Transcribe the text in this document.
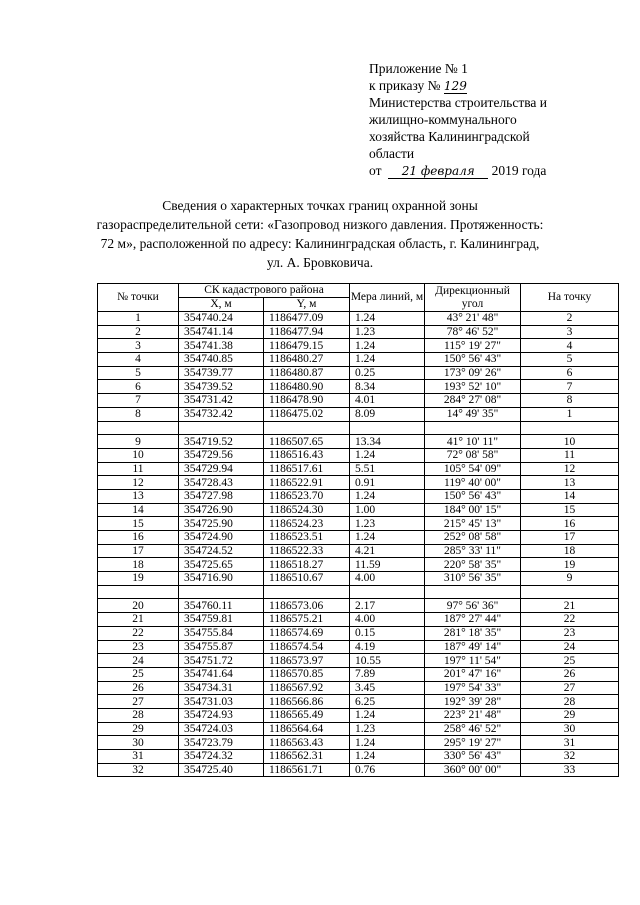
Приложение № 1
к приказу № 129
Министерства строительства и
жилищно-коммунального
хозяйства Калининградской
области
от 21 февраля 2019 года
Сведения о характерных точках границ охранной зоны
газораспределительной сети: «Газопровод низкого давления. Протяженность:
72 м», расположенной по адресу: Калининградская область, г. Калининград,
ул. А. Бровковича.
№ точки	СК кадастрового района		Мера линий, м	Дирекционный угол	На точку
	X, м	Y, м			
1	354740.24	1186477.09	1.24	43° 21' 48"	2
2	354741.14	1186477.94	1.23	78° 46' 52"	3
3	354741.38	1186479.15	1.24	115° 19' 27"	4
4	354740.85	1186480.27	1.24	150° 56' 43"	5
5	354739.77	1186480.87	0.25	173° 09' 26"	6
6	354739.52	1186480.90	8.34	193° 52' 10"	7
7	354731.42	1186478.90	4.01	284° 27' 08"	8
8	354732.42	1186475.02	8.09	14° 49' 35"	1

9	354719.52	1186507.65	13.34	41° 10' 11"	10
10	354729.56	1186516.43	1.24	72° 08' 58"	11
11	354729.94	1186517.61	5.51	105° 54' 09"	12
12	354728.43	1186522.91	0.91	119° 40' 00"	13
13	354727.98	1186523.70	1.24	150° 56' 43"	14
14	354726.90	1186524.30	1.00	184° 00' 15"	15
15	354725.90	1186524.23	1.23	215° 45' 13"	16
16	354724.90	1186523.51	1.24	252° 08' 58"	17
17	354724.52	1186522.33	4.21	285° 33' 11"	18
18	354725.65	1186518.27	11.59	220° 58' 35"	19
19	354716.90	1186510.67	4.00	310° 56' 35"	9

20	354760.11	1186573.06	2.17	97° 56' 36"	21
21	354759.81	1186575.21	4.00	187° 27' 44"	22
22	354755.84	1186574.69	0.15	281° 18' 35"	23
23	354755.87	1186574.54	4.19	187° 49' 14"	24
24	354751.72	1186573.97	10.55	197° 11' 54"	25
25	354741.64	1186570.85	7.89	201° 47' 16"	26
26	354734.31	1186567.92	3.45	197° 54' 33"	27
27	354731.03	1186566.86	6.25	192° 39' 28"	28
28	354724.93	1186565.49	1.24	223° 21' 48"	29
29	354724.03	1186564.64	1.23	258° 46' 52"	30
30	354723.79	1186563.43	1.24	295° 19' 27"	31
31	354724.32	1186562.31	1.24	330° 56' 43"	32
32	354725.40	1186561.71	0.76	360° 00' 00"	33
